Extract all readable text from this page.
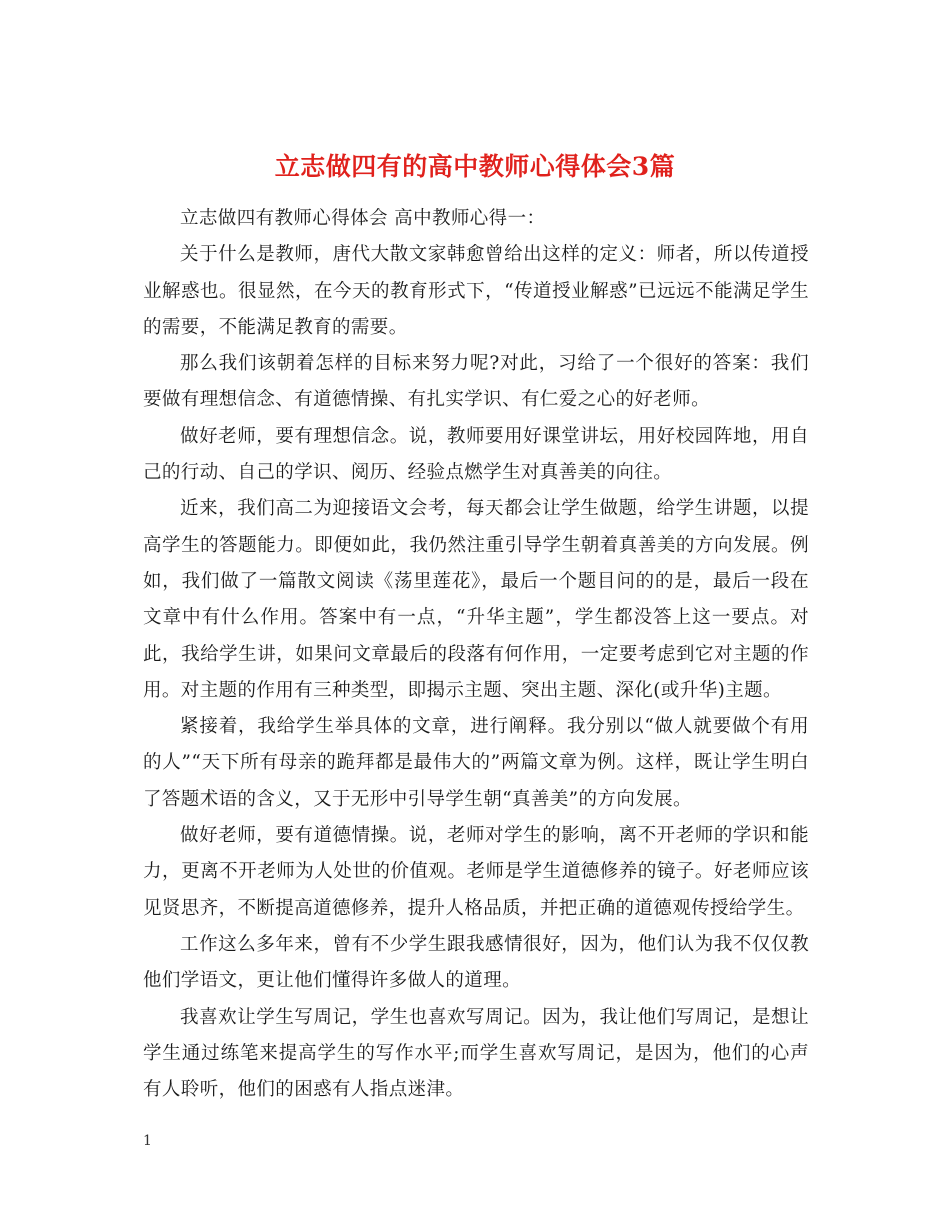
立志做四有的高中教师心得体会3篇

立志做四有教师心得体会 高中教师心得一：

关于什么是教师，唐代大散文家韩愈曾给出这样的定义：师者，所以传道授业解惑也。很显然，在今天的教育形式下，“传道授业解惑”已远远不能满足学生的需要，不能满足教育的需要。

那么我们该朝着怎样的目标来努力呢?对此，习给了一个很好的答案：我们要做有理想信念、有道德情操、有扎实学识、有仁爱之心的好老师。

做好老师，要有理想信念。说，教师要用好课堂讲坛，用好校园阵地，用自己的行动、自己的学识、阅历、经验点燃学生对真善美的向往。

近来，我们高二为迎接语文会考，每天都会让学生做题，给学生讲题，以提高学生的答题能力。即便如此，我仍然注重引导学生朝着真善美的方向发展。例如，我们做了一篇散文阅读《荡里莲花》，最后一个题目问的的是，最后一段在文章中有什么作用。答案中有一点，“升华主题”，学生都没答上这一要点。对此，我给学生讲，如果问文章最后的段落有何作用，一定要考虑到它对主题的作用。对主题的作用有三种类型，即揭示主题、突出主题、深化(或升华)主题。

紧接着，我给学生举具体的文章，进行阐释。我分别以“做人就要做个有用的人”“天下所有母亲的跪拜都是最伟大的”两篇文章为例。这样，既让学生明白了答题术语的含义，又于无形中引导学生朝“真善美”的方向发展。

做好老师，要有道德情操。说，老师对学生的影响，离不开老师的学识和能力，更离不开老师为人处世的价值观。老师是学生道德修养的镜子。好老师应该见贤思齐，不断提高道德修养，提升人格品质，并把正确的道德观传授给学生。

工作这么多年来，曾有不少学生跟我感情很好，因为，他们认为我不仅仅教他们学语文，更让他们懂得许多做人的道理。

我喜欢让学生写周记，学生也喜欢写周记。因为，我让他们写周记，是想让学生通过练笔来提高学生的写作水平;而学生喜欢写周记，是因为，他们的心声有人聆听，他们的困惑有人指点迷津。

1
